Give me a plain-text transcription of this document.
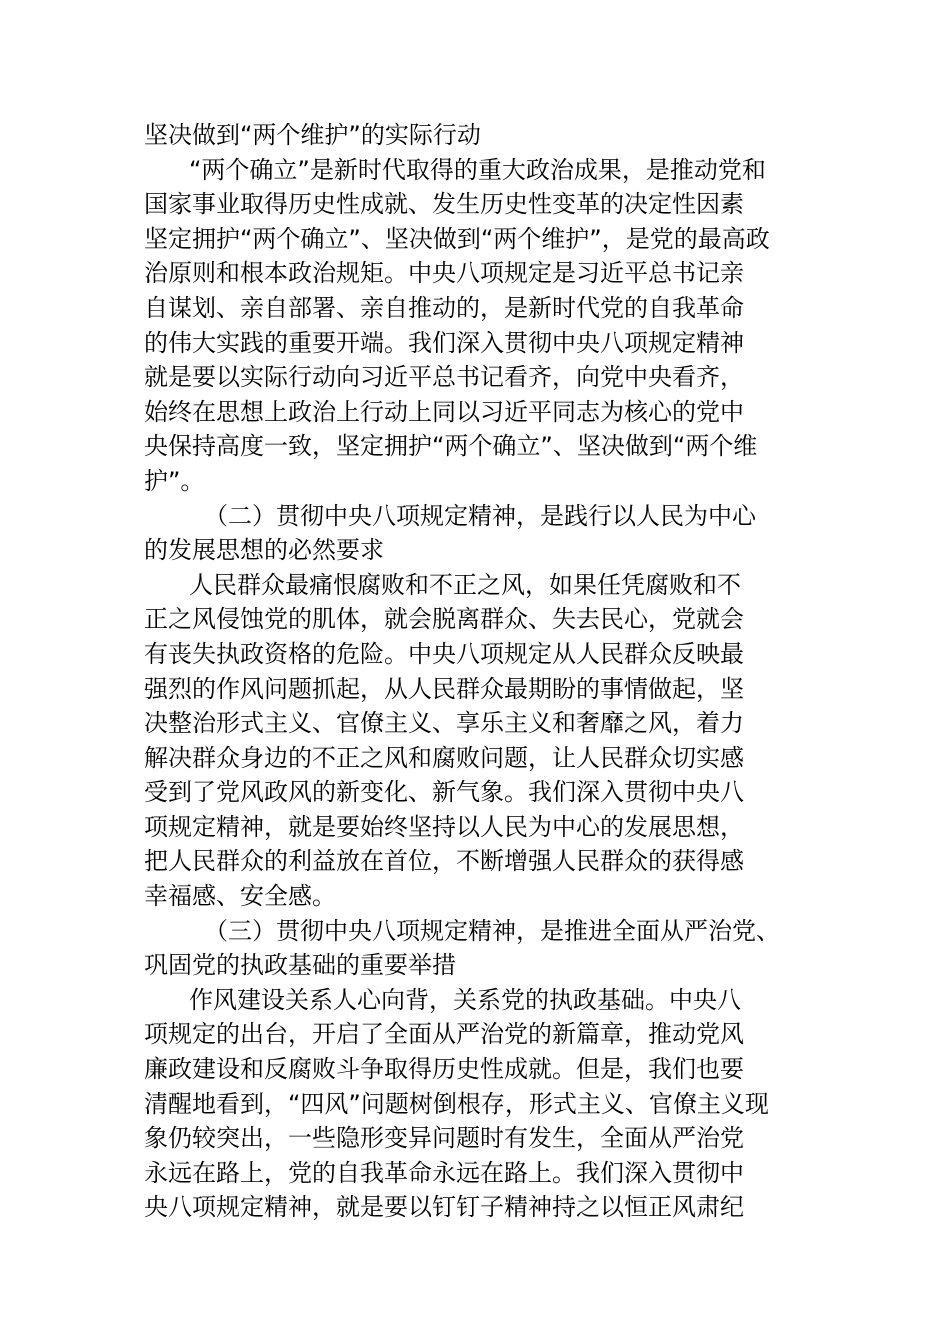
坚决做到“两个维护”的实际行动
“两个确立”是新时代取得的重大政治成果，是推动党和
国家事业取得历史性成就、发生历史性变革的决定性因素
坚定拥护“两个确立”、坚决做到“两个维护”，是党的最高政
治原则和根本政治规矩。中央八项规定是习近平总书记亲
自谋划、亲自部署、亲自推动的，是新时代党的自我革命
的伟大实践的重要开端。我们深入贯彻中央八项规定精神
就是要以实际行动向习近平总书记看齐，向党中央看齐，
始终在思想上政治上行动上同以习近平同志为核心的党中
央保持高度一致，坚定拥护“两个确立”、坚决做到“两个维
护”。
（二）贯彻中央八项规定精神，是践行以人民为中心
的发展思想的必然要求
人民群众最痛恨腐败和不正之风，如果任凭腐败和不
正之风侵蚀党的肌体，就会脱离群众、失去民心，党就会
有丧失执政资格的危险。中央八项规定从人民群众反映最
强烈的作风问题抓起，从人民群众最期盼的事情做起，坚
决整治形式主义、官僚主义、享乐主义和奢靡之风，着力
解决群众身边的不正之风和腐败问题，让人民群众切实感
受到了党风政风的新变化、新气象。我们深入贯彻中央八
项规定精神，就是要始终坚持以人民为中心的发展思想，
把人民群众的利益放在首位，不断增强人民群众的获得感
幸福感、安全感。
（三）贯彻中央八项规定精神，是推进全面从严治党、
巩固党的执政基础的重要举措
作风建设关系人心向背，关系党的执政基础。中央八
项规定的出台，开启了全面从严治党的新篇章，推动党风
廉政建设和反腐败斗争取得历史性成就。但是，我们也要
清醒地看到，“四风”问题树倒根存，形式主义、官僚主义现
象仍较突出，一些隐形变异问题时有发生，全面从严治党
永远在路上，党的自我革命永远在路上。我们深入贯彻中
央八项规定精神，就是要以钉钉子精神持之以恒正风肃纪
